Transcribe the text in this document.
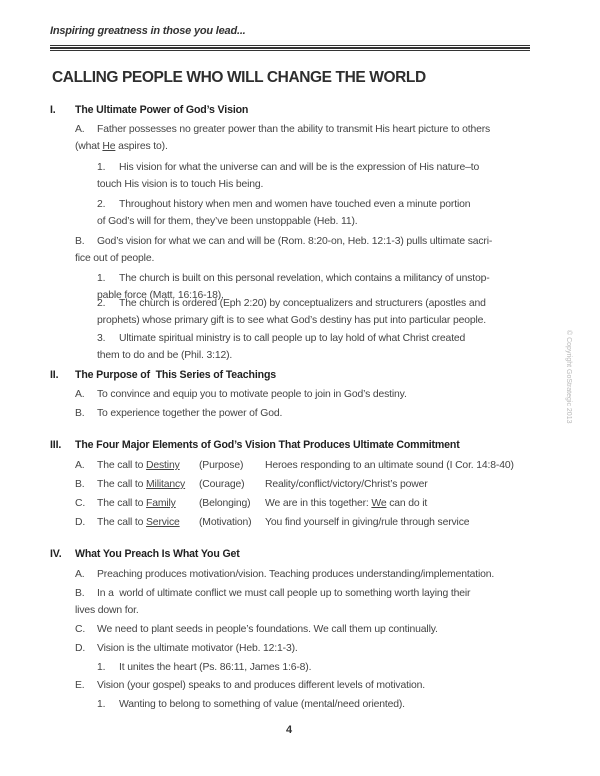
Inspiring greatness in those you lead...
CALLING PEOPLE WHO WILL CHANGE THE WORLD
I. The Ultimate Power of God’s Vision
A. Father possesses no greater power than the ability to transmit His heart picture to others
(what He aspires to).
1. His vision for what the universe can and will be is the expression of His nature–to
touch His vision is to touch His being.
2. Throughout history when men and women have touched even a minute portion
of God’s will for them, they’ve been unstoppable (Heb. 11).
B. God’s vision for what we can and will be (Rom. 8:20-on, Heb. 12:1-3) pulls ultimate sacri-
fice out of people.
1. The church is built on this personal revelation, which contains a militancy of unstop-
pable force (Matt. 16:16-18).
2. The church is ordered (Eph 2:20) by conceptualizers and structurers (apostles and
prophets) whose primary gift is to see what God’s destiny has put into particular people.
3. Ultimate spiritual ministry is to call people up to lay hold of what Christ created
them to do and be (Phil. 3:12).
II. The Purpose of  This Series of Teachings
A. To convince and equip you to motivate people to join in God’s destiny.
B. To experience together the power of God.
III. The Four Major Elements of God’s Vision That Produces Ultimate Commitment
A. The call to Destiny (Purpose) Heroes responding to an ultimate sound (I Cor. 14:8-40)
B. The call to Militancy (Courage) Reality/conflict/victory/Christ’s power
C. The call to Family (Belonging) We are in this together: We can do it
D. The call to Service (Motivation) You find yourself in giving/rule through service
IV. What You Preach Is What You Get
A. Preaching produces motivation/vision. Teaching produces understanding/implementation.
B. In a  world of ultimate conflict we must call people up to something worth laying their
lives down for.
C. We need to plant seeds in people’s foundations. We call them up continually.
D. Vision is the ultimate motivator (Heb. 12:1-3).
1. It unites the heart (Ps. 86:11, James 1:6-8).
E. Vision (your gospel) speaks to and produces different levels of motivation.
1. Wanting to belong to something of value (mental/need oriented).
4
© Copyright GoStrategic 2013
